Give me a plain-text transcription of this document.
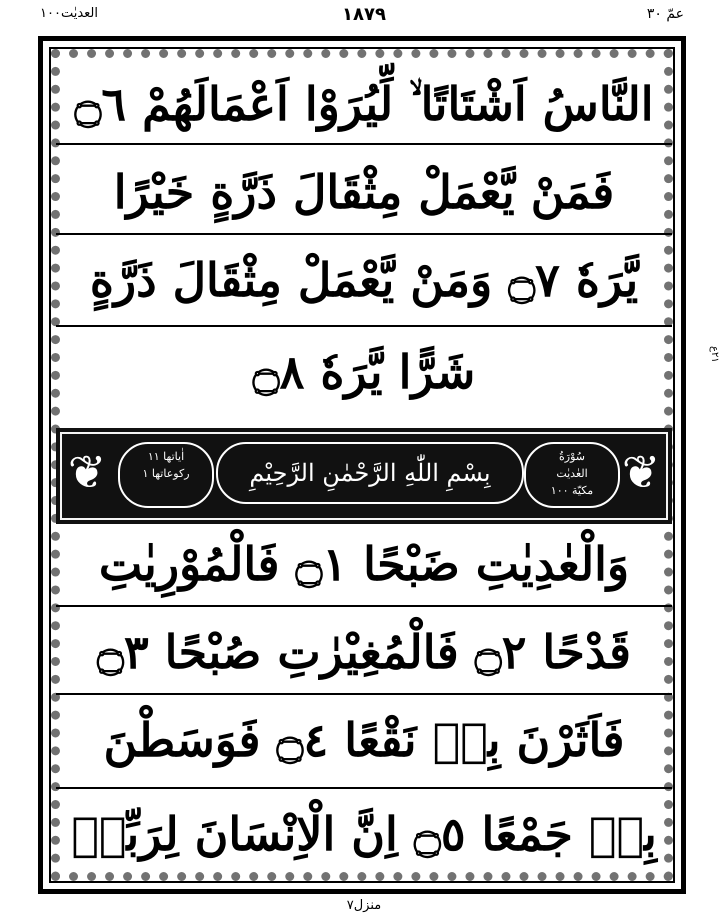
العديٰت١٠٠	١٨٧٩	عمّ ٣٠
٢١ع
النَّاسُ اَشْتَاتًا ۙ لِّيُرَوْا اَعْمَالَهُمْ ۝٦
فَمَنْ يَّعْمَلْ مِثْقَالَ ذَرَّةٍ خَيْرًا
يَّرَهٗ ۝٧ وَمَنْ يَّعْمَلْ مِثْقَالَ ذَرَّةٍ
شَرًّا يَّرَهٗ ۝٨
❦	اٰیاتها ١١
رکوعاتها ١	بِسْمِ اللّٰهِ الرَّحْمٰنِ الرَّحِيْمِ
سُوْرَةُ
العٰدیٰت
مكيّة ١٠٠ ❦
وَالْعٰدِيٰتِ ضَبْحًا ۝١ فَالْمُوْرِيٰتِ
قَدْحًا ۝٢ فَالْمُغِيْرٰتِ صُبْحًا ۝٣
فَاَثَرْنَ بِهٖ نَقْعًا ۝٤ فَوَسَطْنَ
بِهٖ جَمْعًا ۝٥ اِنَّ الْاِنْسَانَ لِرَبِّهٖ
منزل٧
